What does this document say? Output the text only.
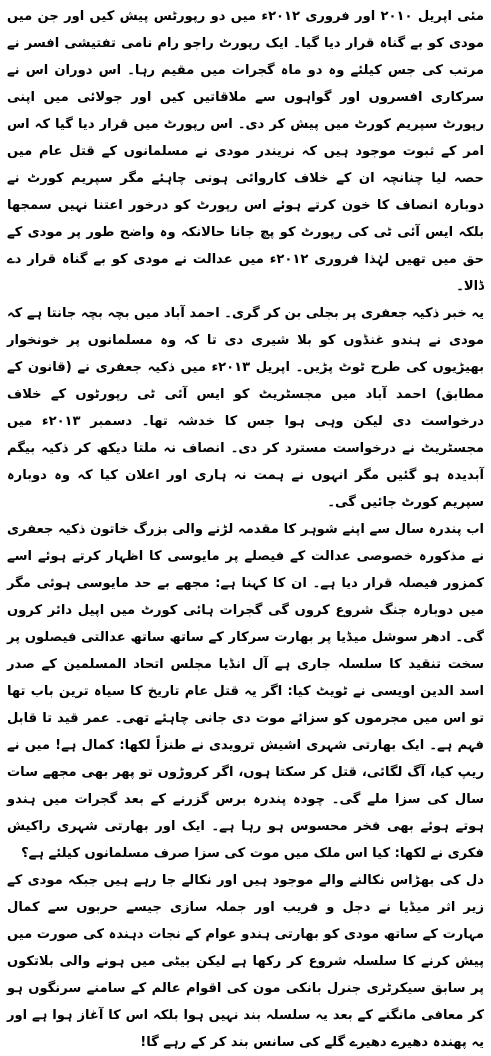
مئی اپریل ۲۰۱۰ اور فروری ۲۰۱۲ء میں دو رپورٹس پیش کیں اور جن میں مودی کو بے گناہ قرار دیا گیا۔ ایک رپورٹ راجو رام نامی تفتیشی افسر نے مرتب کی جس کیلئے وہ دو ماہ گجرات میں مقیم رہا۔ اس دوران اس نے سرکاری افسروں اور گواہوں سے ملاقاتیں کیں اور جولائی میں اپنی رپورٹ سپریم کورٹ میں پیش کر دی۔ اس رپورٹ میں قرار دیا گیا کہ اس امر کے ثبوت موجود ہیں کہ نریندر مودی نے مسلمانوں کے قتل عام میں حصہ لیا چنانچہ ان کے خلاف کاروائی ہونی چاہئے مگر سپریم کورٹ نے دوبارہ انصاف کا خون کرتے ہوئے اس رپورٹ کو درخور اعتنا نہیں سمجھا بلکہ ایس آئی ٹی کی رپورٹ کو پچ جانا حالانکہ وہ واضح طور پر مودی کے حق میں تھیں لہٰذا فروری ۲۰۱۲ء میں عدالت نے مودی کو بے گناہ قرار دے ڈالا۔

یہ خبر ذکیہ جعفری پر بجلی بن کر گری۔ احمد آباد میں بچہ بچہ جانتا ہے کہ مودی نے ہندو غنڈوں کو بلا شیری دی تا کہ وہ مسلمانوں پر خونخوار بھیڑیوں کی طرح ٹوٹ پڑیں۔ اپریل ۲۰۱۳ء میں ذکیہ جعفری نے (قانون کے مطابق) احمد آباد میں مجسٹریٹ کو ایس آئی ٹی رپورٹوں کے خلاف درخواست دی لیکن وہی ہوا جس کا خدشہ تھا۔ دسمبر ۲۰۱۳ء میں مجسٹریٹ نے درخواست مسترد کر دی۔ انصاف نہ ملتا دیکھ کر ذکیہ بیگم آبدیدہ ہو گئیں مگر انہوں نے ہمت نہ ہاری اور اعلان کیا کہ وہ دوبارہ سپریم کورٹ جائیں گی۔

اب پندرہ سال سے اپنے شوہر کا مقدمہ لڑنے والی بزرگ خاتون ذکیہ جعفری نے مذکورہ خصوصی عدالت کے فیصلے پر مایوسی کا اظہار کرتے ہوئے اسے کمزور فیصلہ قرار دیا ہے۔ ان کا کہنا ہے: مجھے بے حد مایوسی ہوئی مگر میں دوبارہ جنگ شروع کروں گی گجرات ہائی کورٹ میں اپیل دائر کروں گی۔ ادھر سوشل میڈیا پر بھارت سرکار کے ساتھ ساتھ عدالتی فیصلوں پر سخت تنقید کا سلسلہ جاری ہے آل انڈیا مجلس اتحاد المسلمین کے صدر اسد الدین اویسی نے ٹویٹ کیا: اگر یہ قتل عام تاریخ کا سیاہ ترین باب تھا تو اس میں مجرموں کو سزائے موت دی جانی چاہئے تھی۔ عمر قید تا قابل فہم ہے۔ ایک بھارتی شہری اشیش ترویدی نے طنزاً لکھا: کمال ہے! میں نے ریپ کیا، آگ لگائی، قتل کر سکتا ہوں، اگر کروڑوں تو پھر بھی مجھے سات سال کی سزا ملے گی۔ چودہ پندرہ برس گزرنے کے بعد گجرات میں ہندو ہوتے ہوئے بھی فخر محسوس ہو رہا ہے۔ ایک اور بھارتی شہری راکیش فکری نے لکھا: کیا اس ملک میں موت کی سزا صرف مسلمانوں کیلئے ہے؟

دل کی بھڑاس نکالنے والے موجود ہیں اور نکالے جا رہے ہیں جبکہ مودی کے زیر اثر میڈیا نے دجل و فریب اور جملہ سازی جیسے حربوں سے کمال مہارت کے ساتھ مودی کو بھارتی ہندو عوام کے نجات دہندہ کی صورت میں پیش کرنے کا سلسلہ شروع کر رکھا ہے لیکن بیٹی میں ہونے والی بلاتکوں پر سابق سیکرٹری جنرل بانکی مون کی اقوام عالم کے سامنے سرنگوں ہو کر معافی مانگنے کے بعد یہ سلسلہ بند نہیں ہوا بلکہ اس کا آغاز ہوا ہے اور یہ پھندہ دھیرے دھیرے گلے کی سانس بند کر کے رہے گا!
